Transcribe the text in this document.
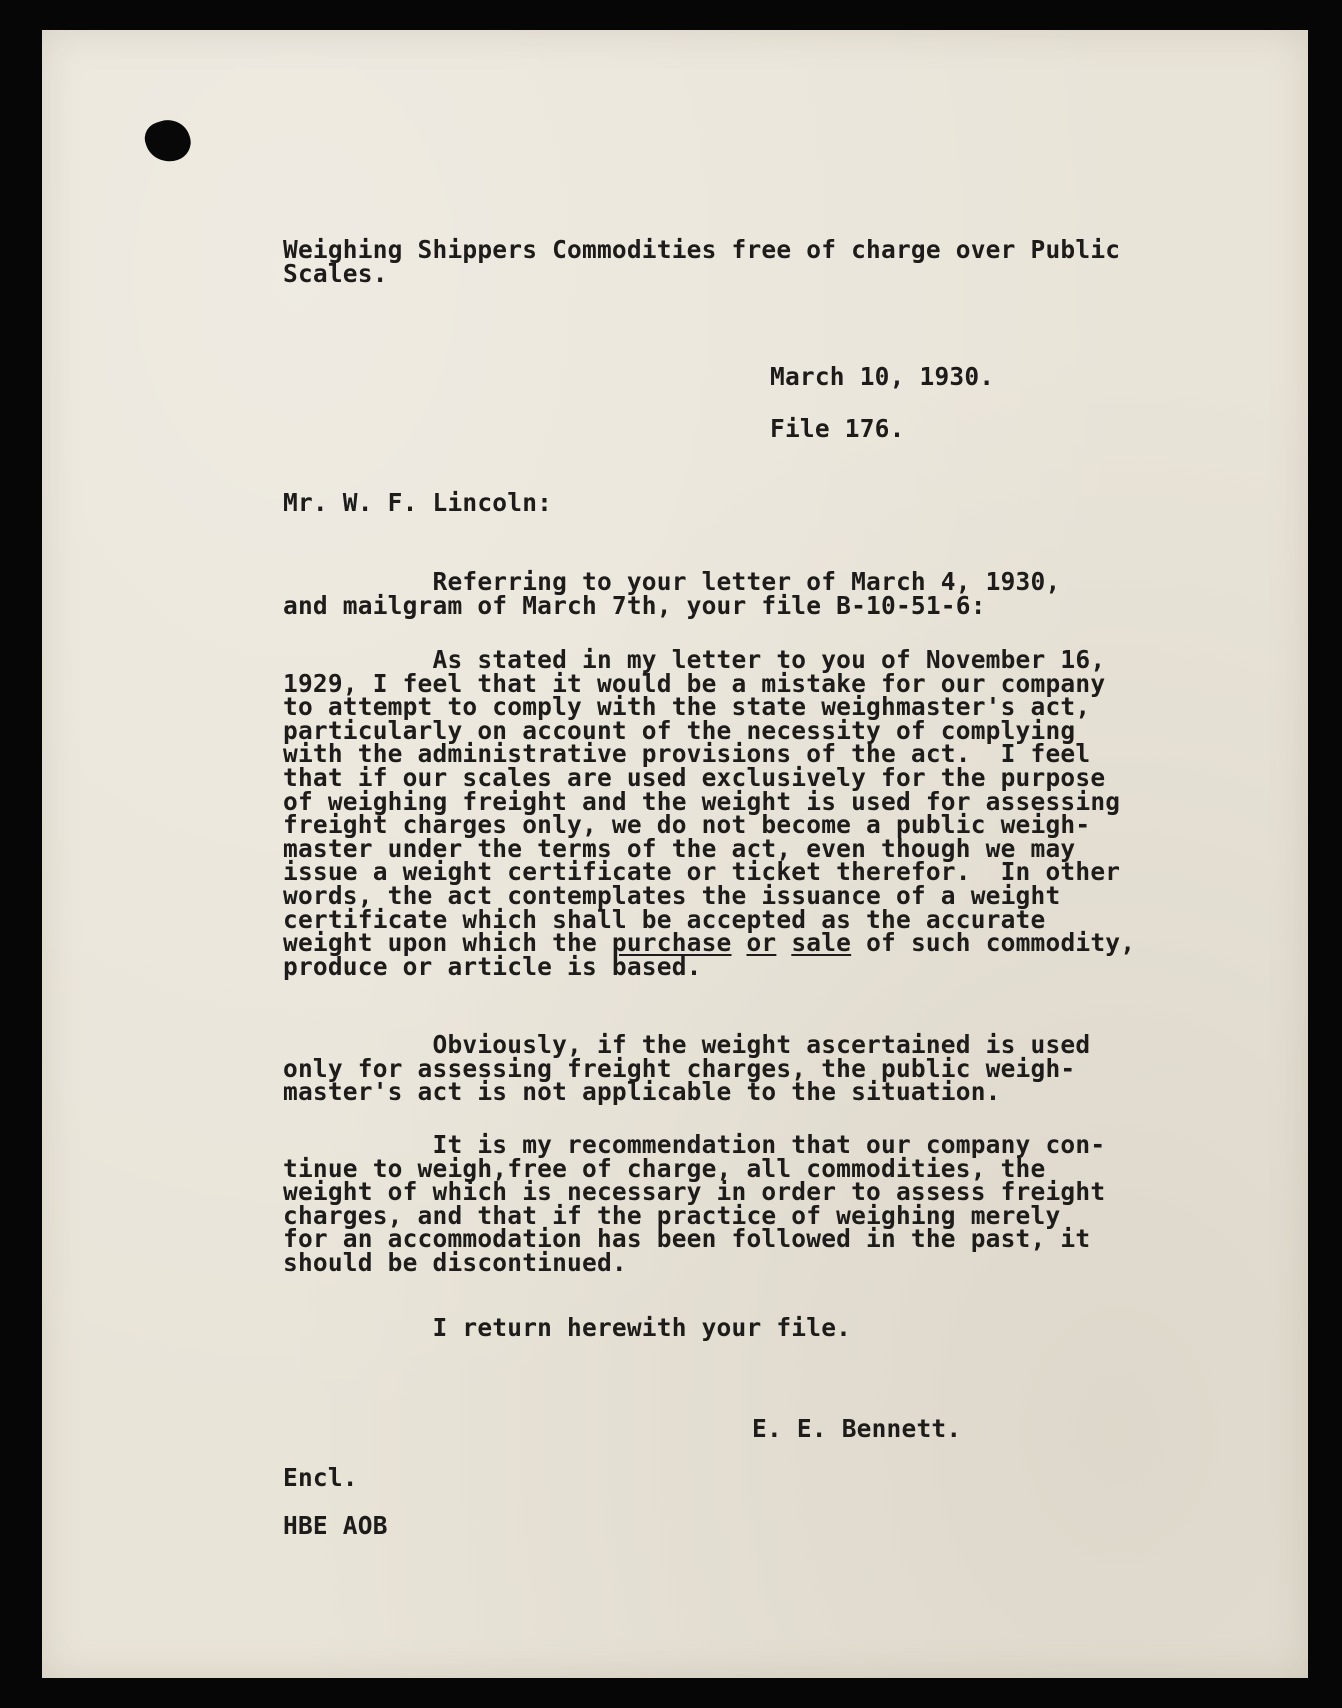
Weighing Shippers Commodities free of charge over Public
Scales.
March 10, 1930.
File 176.
Mr. W. F. Lincoln:
Referring to your letter of March 4, 1930,
and mailgram of March 7th, your file B-10-51-6:
As stated in my letter to you of November 16,
1929, I feel that it would be a mistake for our company
to attempt to comply with the state weighmaster's act,
particularly on account of the necessity of complying
with the administrative provisions of the act.  I feel
that if our scales are used exclusively for the purpose
of weighing freight and the weight is used for assessing
freight charges only, we do not become a public weigh-
master under the terms of the act, even though we may
issue a weight certificate or ticket therefor.  In other
words, the act contemplates the issuance of a weight
certificate which shall be accepted as the accurate
weight upon which the purchase or sale of such commodity,
produce or article is based.
Obviously, if the weight ascertained is used
only for assessing freight charges, the public weigh-
master's act is not applicable to the situation.
It is my recommendation that our company con-
tinue to weigh,free of charge, all commodities, the
weight of which is necessary in order to assess freight
charges, and that if the practice of weighing merely
for an accommodation has been followed in the past, it
should be discontinued.
I return herewith your file.
E. E. Bennett.
Encl.
HBE AOB
